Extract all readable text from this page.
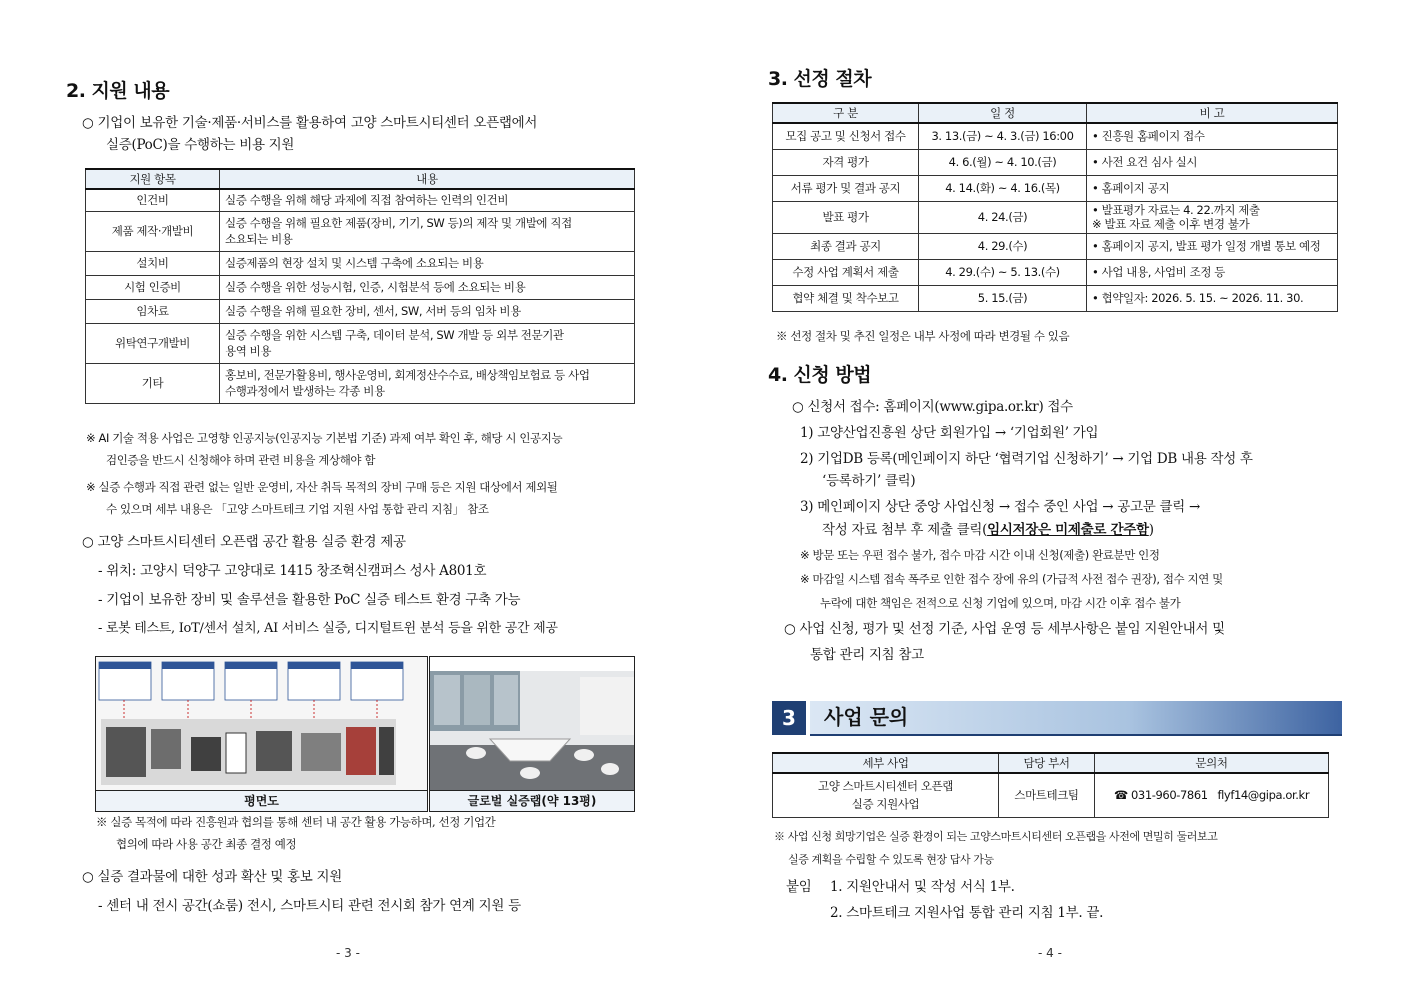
2. 지원 내용
○ 기업이 보유한 기술·제품·서비스를 활용하여 고양 스마트시티센터 오픈랩에서
실증(PoC)을 수행하는 비용 지원
지원 항목	내용
인건비	실증 수행을 위해 해당 과제에 직접 참여하는 인력의 인건비
제품 제작·개발비	실증 수행을 위해 필요한 제품(장비, 기기, SW 등)의 제작 및 개발에 직접
소요되는 비용
설치비	실증제품의 현장 설치 및 시스템 구축에 소요되는 비용
시험 인증비	실증 수행을 위한 성능시험, 인증, 시험분석 등에 소요되는 비용
임차료	실증 수행을 위해 필요한 장비, 센서, SW, 서버 등의 임차 비용
위탁연구개발비	실증 수행을 위한 시스템 구축, 데이터 분석, SW 개발 등 외부 전문기관
용역 비용
기타	홍보비, 전문가활용비, 행사운영비, 회계정산수수료, 배상책임보험료 등 사업
수행과정에서 발생하는 각종 비용
※ AI 기술 적용 사업은 고영향 인공지능(인공지능 기본법 기준) 과제 여부 확인 후, 해당 시 인공지능
검인증을 반드시 신청해야 하며 관련 비용을 계상해야 함
※ 실증 수행과 직접 관련 없는 일반 운영비, 자산 취득 목적의 장비 구매 등은 지원 대상에서 제외될
수 있으며 세부 내용은 「고양 스마트테크 기업 지원 사업 통합 관리 지침」 참조
○ 고양 스마트시티센터 오픈랩 공간 활용 실증 환경 제공
- 위치: 고양시 덕양구 고양대로 1415 창조혁신캠퍼스 성사 A801호
- 기업이 보유한 장비 및 솔루션을 활용한 PoC 실증 테스트 환경 구축 가능
- 로봇 테스트, IoT/센서 설치, AI 서비스 실증, 디지털트윈 분석 등을 위한 공간 제공
평면도	글로벌 실증랩(약 13평)
※ 실증 목적에 따라 진흥원과 협의를 통해 센터 내 공간 활용 가능하며, 선정 기업간
협의에 따라 사용 공간 최종 결정 예정
○ 실증 결과물에 대한 성과 확산 및 홍보 지원
- 센터 내 전시 공간(쇼룸) 전시, 스마트시티 관련 전시회 참가 연계 지원 등
- 3 -
3. 선정 절차
구 분	일 정	비 고
모집 공고 및 신청서 접수	3. 13.(금) ~ 4. 3.(금) 16:00	• 진흥원 홈페이지 접수
자격 평가	4. 6.(월) ~ 4. 10.(금)	• 사전 요건 심사 실시
서류 평가 및 결과 공지	4. 14.(화) ~ 4. 16.(목)	• 홈페이지 공지
발표 평가	4. 24.(금)	• 발표평가 자료는 4. 22.까지 제출
※ 발표 자료 제출 이후 변경 불가
최종 결과 공지	4. 29.(수)	• 홈페이지 공지, 발표 평가 일정 개별 통보 예정
수정 사업 계획서 제출	4. 29.(수) ~ 5. 13.(수)	• 사업 내용, 사업비 조정 등
협약 체결 및 착수보고	5. 15.(금)	• 협약일자: 2026. 5. 15. ~ 2026. 11. 30.
※ 선정 절차 및 추진 일정은 내부 사정에 따라 변경될 수 있음
4. 신청 방법
○ 신청서 접수: 홈페이지(www.gipa.or.kr) 접수
1) 고양산업진흥원 상단 회원가입 → ‘기업회원’ 가입
2) 기업DB 등록(메인페이지 하단 ‘협력기업 신청하기’ → 기업 DB 내용 작성 후
‘등록하기’ 클릭)
3) 메인페이지 상단 중앙 사업신청 → 접수 중인 사업 → 공고문 클릭 →
작성 자료 첨부 후 제출 클릭(임시저장은 미제출로 간주함)
※ 방문 또는 우편 접수 불가, 접수 마감 시간 이내 신청(제출) 완료분만 인정
※ 마감일 시스템 접속 폭주로 인한 접수 장에 유의 (가급적 사전 접수 권장), 접수 지연 및
누락에 대한 책임은 전적으로 신청 기업에 있으며, 마감 시간 이후 접수 불가
○ 사업 신청, 평가 및 선정 기준, 사업 운영 등 세부사항은 붙임 지원안내서 및
통합 관리 지침 참고
3	사업 문의
세부 사업	담당 부서	문의처
고양 스마트시티센터 오픈랩
실증 지원사업	스마트테크팀	☎ 031-960-7861 flyf14@gipa.or.kr
※ 사업 신청 희망기업은 실증 환경이 되는 고양스마트시티센터 오픈랩을 사전에 면밀히 둘러보고
실증 계획을 수립할 수 있도록 현장 답사 가능
붙임 1. 지원안내서 및 작성 서식 1부.
2. 스마트테크 지원사업 통합 관리 지침 1부. 끝.
- 4 -
